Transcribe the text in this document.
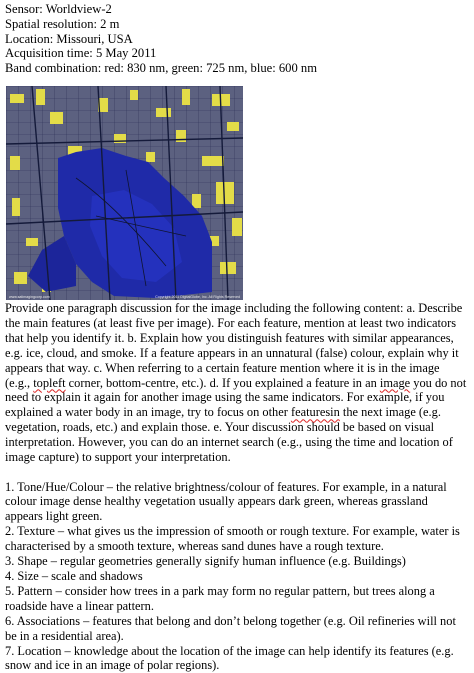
Sensor: Worldview-2
Spatial resolution: 2 m
Location: Missouri, USA
Acquisition time: 5 May 2011
Band combination: red: 830 nm, green: 725 nm, blue: 600 nm
www.satimagingcorp.com	Copyright 2011 DigitalGlobe, Inc. All Rights Reserved

Provide one paragraph discussion for the image including the following content: a. Describe the main features (at least five per image). For each feature, mention at least two indicators that help you identify it. b. Explain how you distinguish features with similar appearances, e.g. ice, cloud, and smoke. If a feature appears in an unnatural (false) colour, explain why it appears that way. c. When referring to a certain feature mention where it is in the image (e.g., topleft corner, bottom-centre, etc.). d. If you explained a feature in an image you do not need to explain it again for another image using the same indicators. For example, if you explained a water body in an image, try to focus on other featuresin the next image (e.g. vegetation, roads, etc.) and explain those. e. Your discussion should be based on visual interpretation. However, you can do an internet search (e.g., using the time and location of image capture) to support your interpretation.

1. Tone/Hue/Colour – the relative brightness/colour of features. For example, in a natural colour image dense healthy vegetation usually appears dark green, whereas grassland appears light green.

2. Texture – what gives us the impression of smooth or rough texture. For example, water is characterised by a smooth texture, whereas sand dunes have a rough texture.

3. Shape – regular geometries generally signify human influence (e.g. Buildings)

4. Size – scale and shadows

5. Pattern – consider how trees in a park may form no regular pattern, but trees along a roadside have a linear pattern.

6. Associations – features that belong and don’t belong together (e.g. Oil refineries will not be in a residential area).

7. Location – knowledge about the location of the image can help identify its features (e.g. snow and ice in an image of polar regions).
